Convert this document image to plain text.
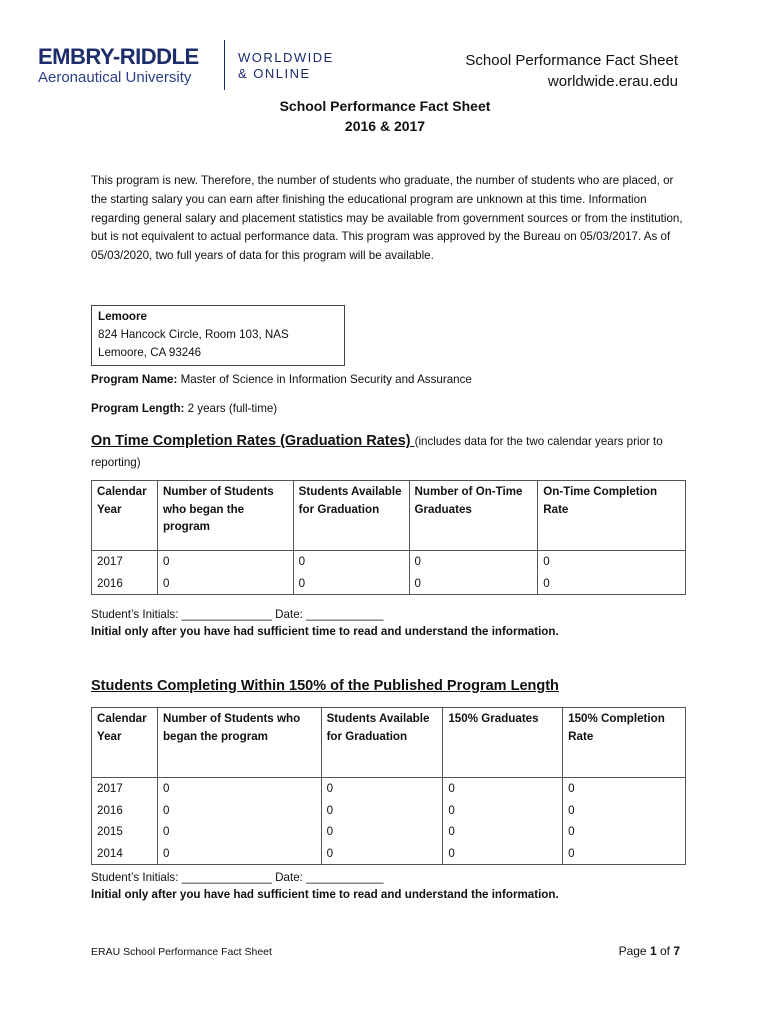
EMBRY-RIDDLE
Aeronautical University
WORLDWIDE
& ONLINE
School Performance Fact Sheet
worldwide.erau.edu
School Performance Fact Sheet
2016 & 2017
This program is new. Therefore, the number of students who graduate, the number of students who are placed, or the starting salary you can earn after finishing the educational program are unknown at this time. Information regarding general salary and placement statistics may be available from government sources or from the institution, but is not equivalent to actual performance data. This program was approved by the Bureau on 05/03/2017. As of 05/03/2020, two full years of data for this program will be available.
Lemoore
824 Hancock Circle, Room 103, NAS
Lemoore, CA 93246
Program Name: Master of Science in Information Security and Assurance
Program Length: 2 years (full-time)
On Time Completion Rates (Graduation Rates) (includes data for the two calendar years prior to reporting)
Calendar Year	Number of Students who began the program	Students Available for Graduation	Number of On-Time Graduates	On-Time Completion Rate
2017	0	0	0	0
2016	0	0	0	0
Student’s Initials: ______________ Date: ____________
Initial only after you have had sufficient time to read and understand the information.
Students Completing Within 150% of the Published Program Length
Calendar Year	Number of Students who began the program	Students Available for Graduation	150% Graduates	150% Completion Rate
2017	0	0	0	0
2016	0	0	0	0
2015	0	0	0	0
2014	0	0	0	0
Student’s Initials: ______________ Date: ____________
Initial only after you have had sufficient time to read and understand the information.
ERAU School Performance Fact Sheet	Page 1 of 7
